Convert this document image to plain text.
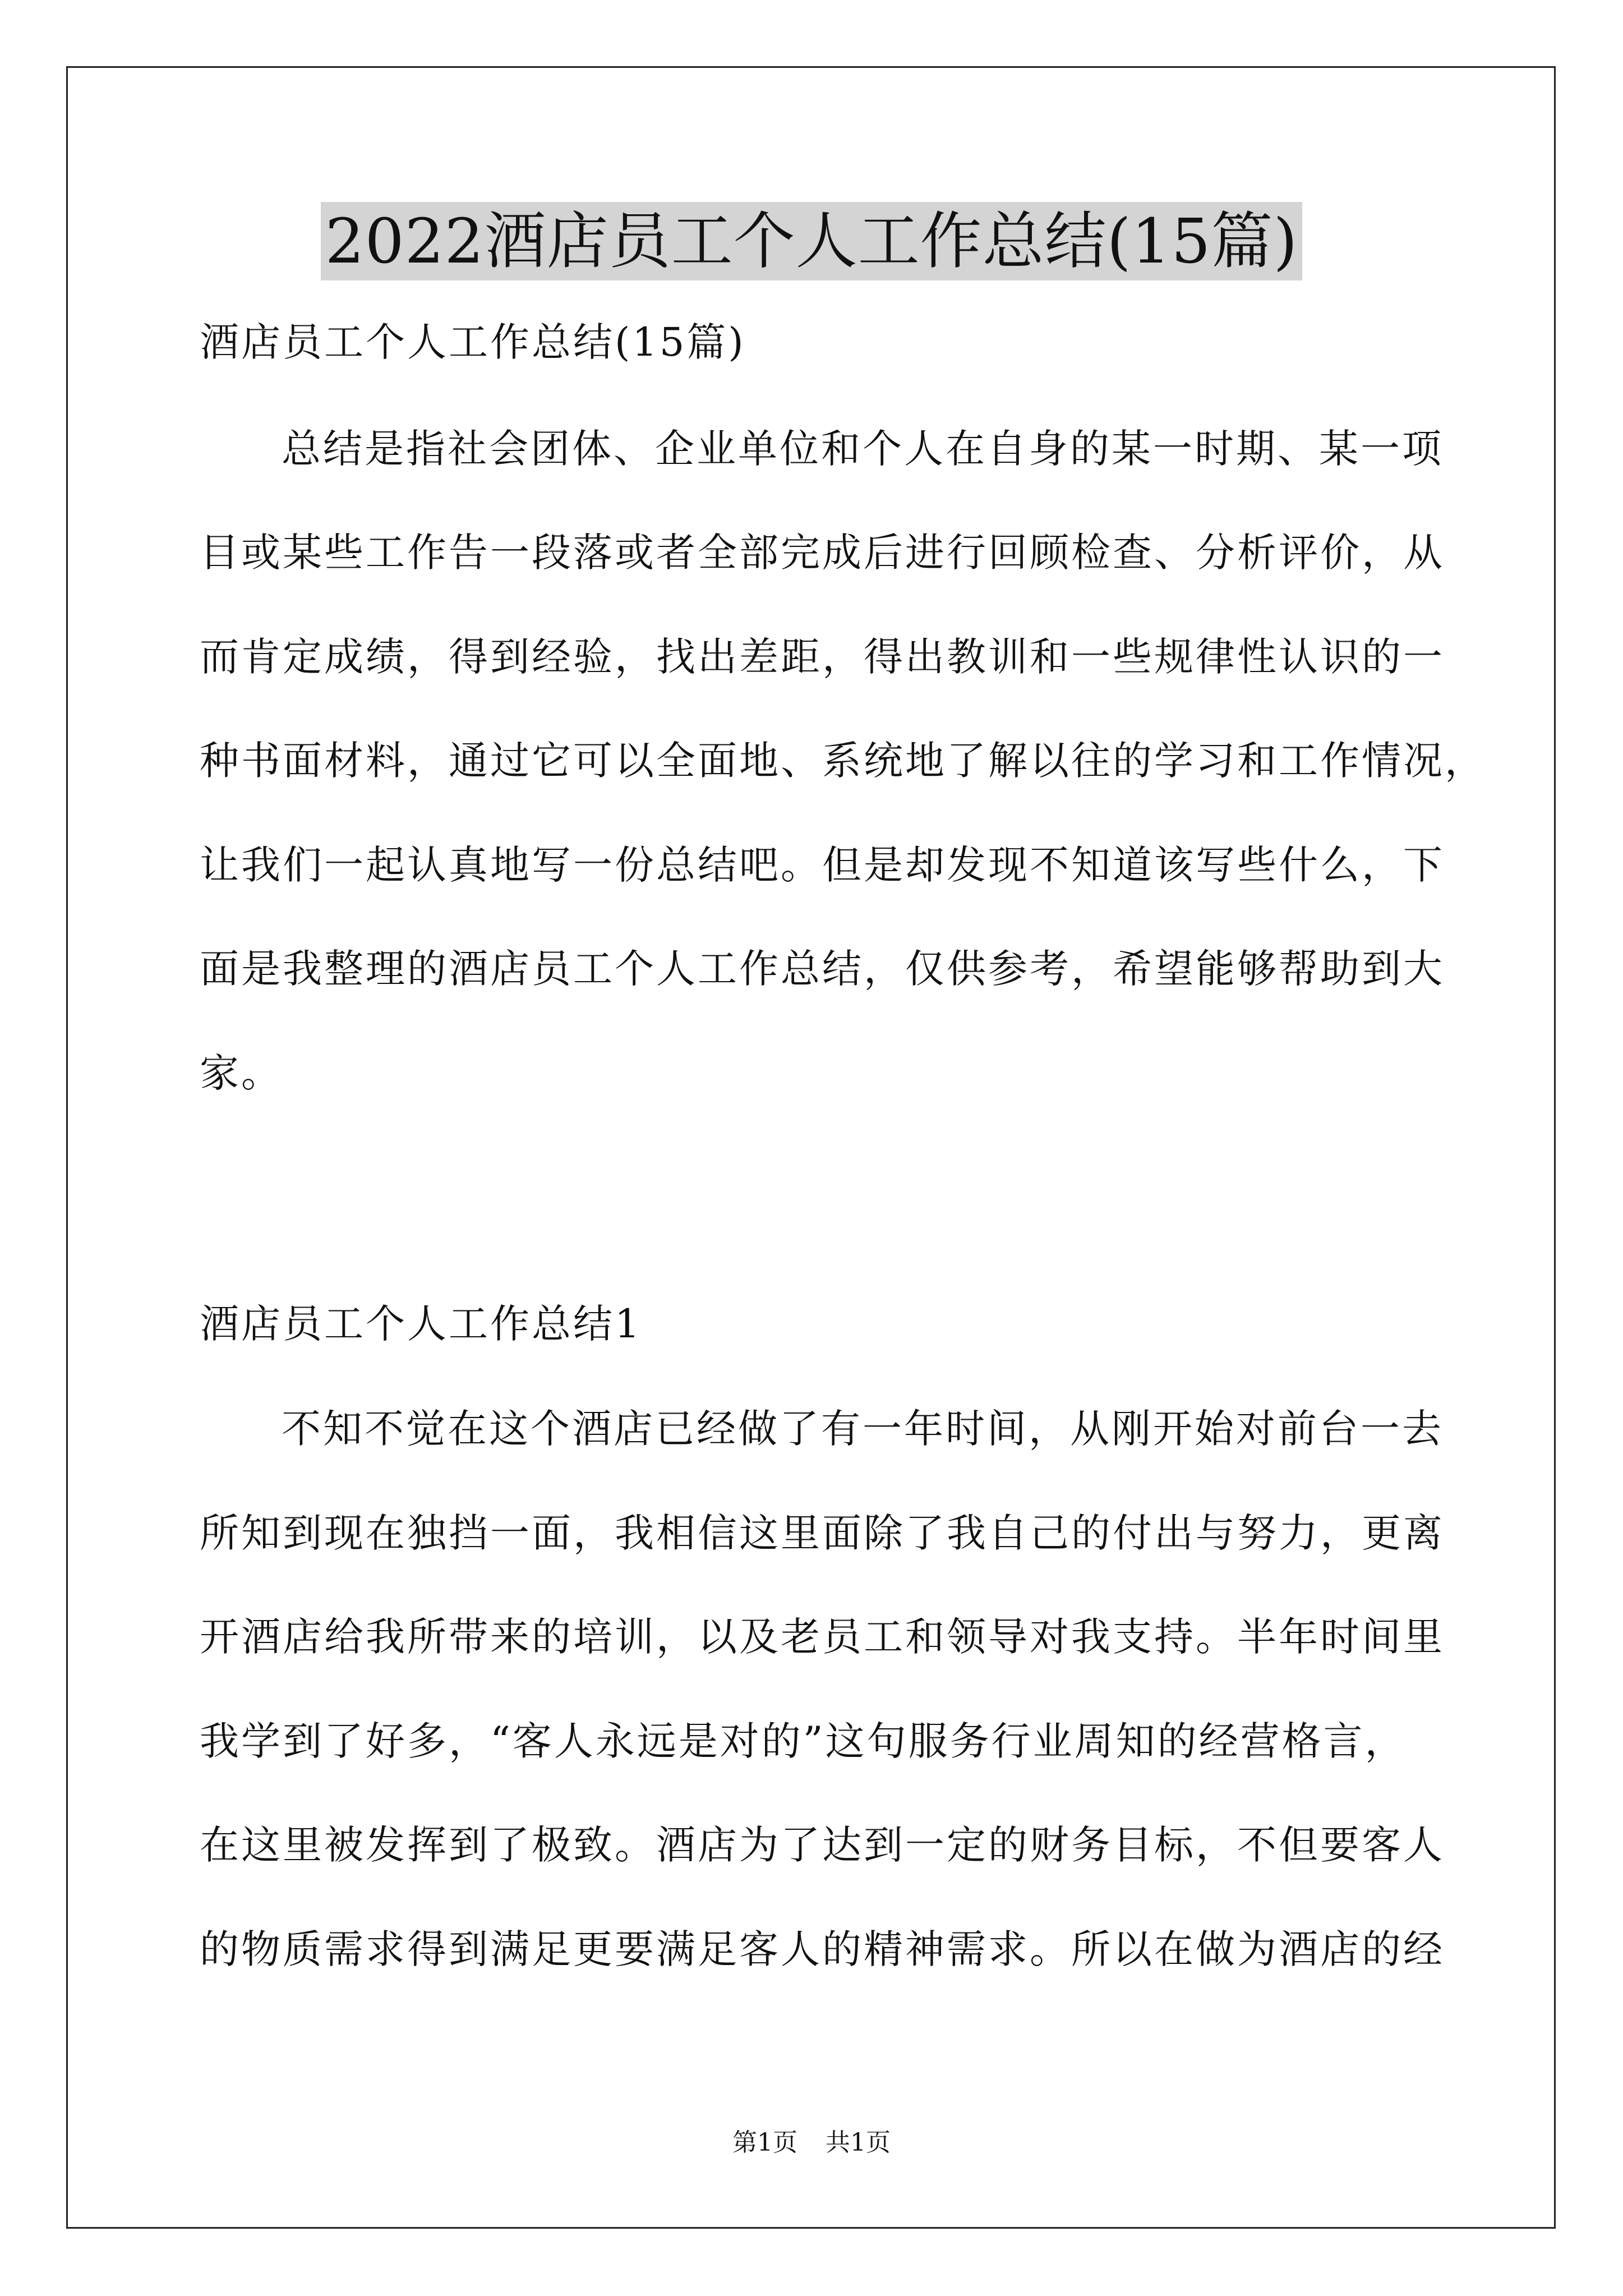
2022酒店员工个人工作总结(15篇)
酒店员工个人工作总结(15篇)
总结是指社会团体、企业单位和个人在自身的某一时期、某一项
目或某些工作告一段落或者全部完成后进行回顾检查、分析评价，从
而肯定成绩，得到经验，找出差距，得出教训和一些规律性认识的一
种书面材料，通过它可以全面地、系统地了解以往的学习和工作情况，
让我们一起认真地写一份总结吧。但是却发现不知道该写些什么，下
面是我整理的酒店员工个人工作总结，仅供参考，希望能够帮助到大
家。
酒店员工个人工作总结1
不知不觉在这个酒店已经做了有一年时间，从刚开始对前台一去
所知到现在独挡一面，我相信这里面除了我自己的付出与努力，更离
开酒店给我所带来的培训，以及老员工和领导对我支持。半年时间里
我学到了好多，“客人永远是对的”这句服务行业周知的经营格言，
在这里被发挥到了极致。酒店为了达到一定的财务目标，不但要客人
的物质需求得到满足更要满足客人的精神需求。所以在做为酒店的经
第1页 共1页
